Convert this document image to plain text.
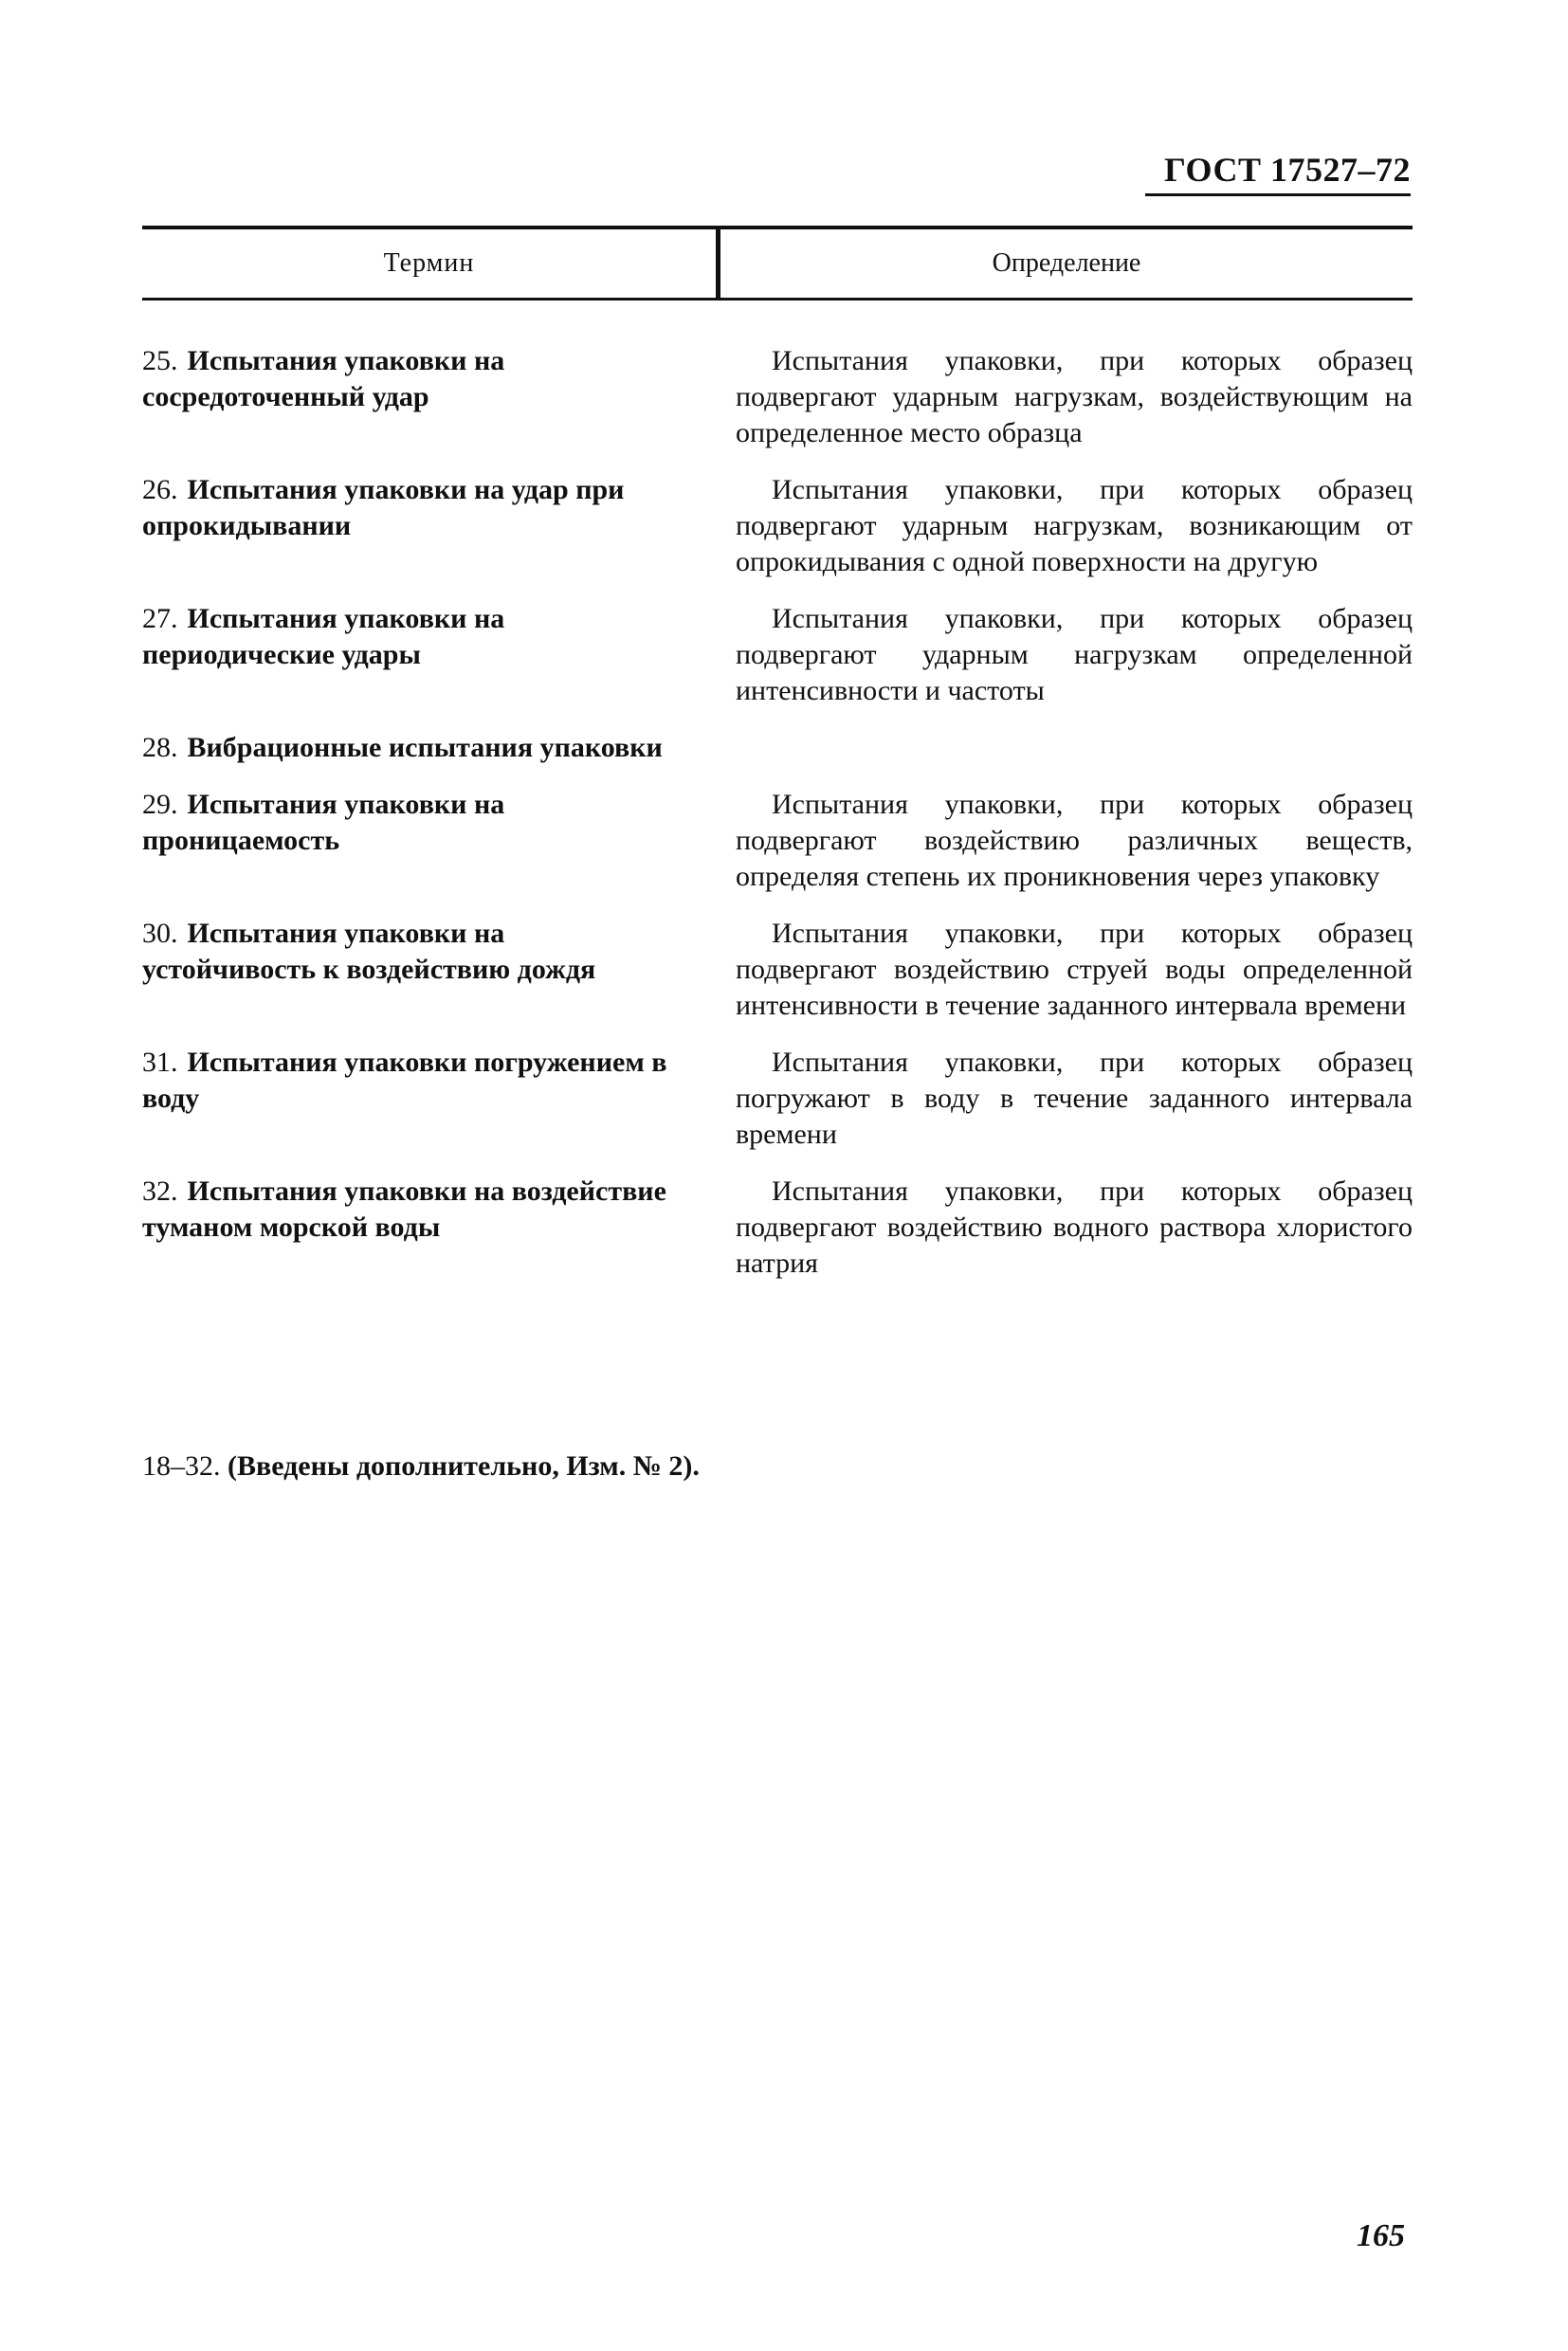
ГОСТ 17527–72
Термин	Определение
25. Испытания упаковки на сосредоточенный удар
Испытания упаковки, при которых образец подвергают ударным нагрузкам, воздействующим на определенное место образца
26. Испытания упаковки на удар при опрокидывании
Испытания упаковки, при которых образец подвергают ударным нагрузкам, возникающим от опрокидывания с одной поверхности на другую
27. Испытания упаковки на периодические удары
Испытания упаковки, при которых образец подвергают ударным нагрузкам определенной интенсивности и частоты
28. Вибрационные испытания упаковки
29. Испытания упаковки на проницаемость
Испытания упаковки, при которых образец подвергают воздействию различных веществ, определяя степень их проникновения через упаковку
30. Испытания упаковки на устойчивость к воздействию дождя
Испытания упаковки, при которых образец подвергают воздействию струей воды определенной интенсивности в течение заданного интервала времени
31. Испытания упаковки погружением в воду
Испытания упаковки, при которых образец погружают в воду в течение заданного интервала времени
32. Испытания упаковки на воздействие туманом морской воды
Испытания упаковки, при которых образец подвергают воздействию водного раствора хлористого натрия
18–32. (Введены дополнительно, Изм. № 2).
165
